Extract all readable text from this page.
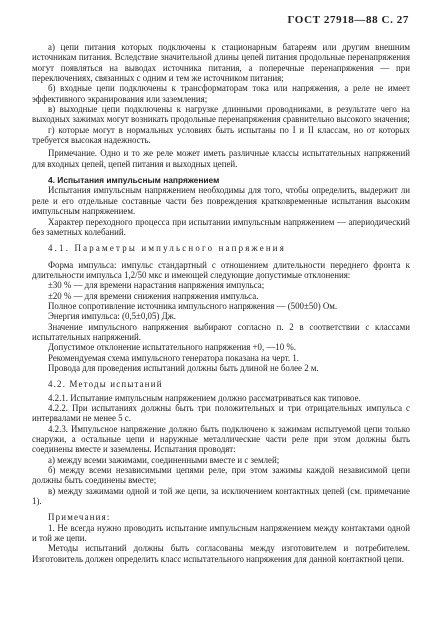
ГОСТ 27918—88 С. 27

а) цепи питания которых подключены к стационарным батареям или другим внешним источникам питания. Вследствие значительной длины цепей питания продольные перенапряжения могут появляться на выводах источника питания, а поперечные перенапряжения — при переключениях, связанных с одним и тем же источником питания;

б) входные цепи подключены к трансформаторам тока или напряжения, а реле не имеет эффективного экранирования или заземления;

в) выходные цепи подключены к нагрузке длинными проводниками, в результате чего на выходных зажимах могут возникать продольные перенапряжения сравнительно высокого значения;

г) которые могут в нормальных условиях быть испытаны по I и II классам, но от которых требуется высокая надежность.

Примечание. Одно и то же реле может иметь различные классы испытательных напряжений для входных цепей, цепей питания и выходных цепей.

4. Испытания импульсным напряжением

Испытания импульсным напряжением необходимы для того, чтобы определить, выдержит ли реле и его отдельные составные части без повреждения кратковременные испытания высоким импульсным напряжением.

Характер переходного процесса при испытании импульсным напряжением — апериодический без заметных колебаний.

4.1. Параметры импульсного напряжения

Форма импульса: импульс стандартный с отношением длительности переднего фронта к длительности импульса 1,2/50 мкс и имеющей следующие допустимые отклонения:

±30 % — для времени нарастания напряжения импульса;

±20 % — для времени снижения напряжения импульса.

Полное сопротивление источника импульсного напряжения — (500±50) Ом.

Энергия импульса: (0,5±0,05) Дж.

Значение импульсного напряжения выбирают согласно п. 2 в соответствии с классами испытательных напряжений.

Допустимое отклонение испытательного напряжения +0, —10 %.

Рекомендуемая схема импульсного генератора показана на черт. 1.

Провода для проведения испытаний должны быть длиной не более 2 м.

4.2. Методы испытаний

4.2.1. Испытание импульсным напряжением должно рассматриваться как типовое.

4.2.2. При испытаниях должны быть три положительных и три отрицательных импульса с интервалами не менее 5 с.

4.2.3. Импульсное напряжение должно быть подключено к зажимам испытуемой цепи только снаружи, а остальные цепи и наружные металлические части реле при этом должны быть соединены вместе и заземлены. Испытания проводят:

а) между всеми зажимами, соединенными вместе и с землей;

б) между всеми независимыми цепями реле, при этом зажимы каждой независимой цепи должны быть соединены вместе;

в) между зажимами одной и той же цепи, за исключением контактных цепей (см. примечание 1).

Примечания:

1. Не всегда нужно проводить испытание импульсным напряжением между контактами одной и той же цепи.

Методы испытаний должны быть согласованы между изготовителем и потребителем. Изготовитель должен определить класс испытательного напряжения для данной контактной цепи.
